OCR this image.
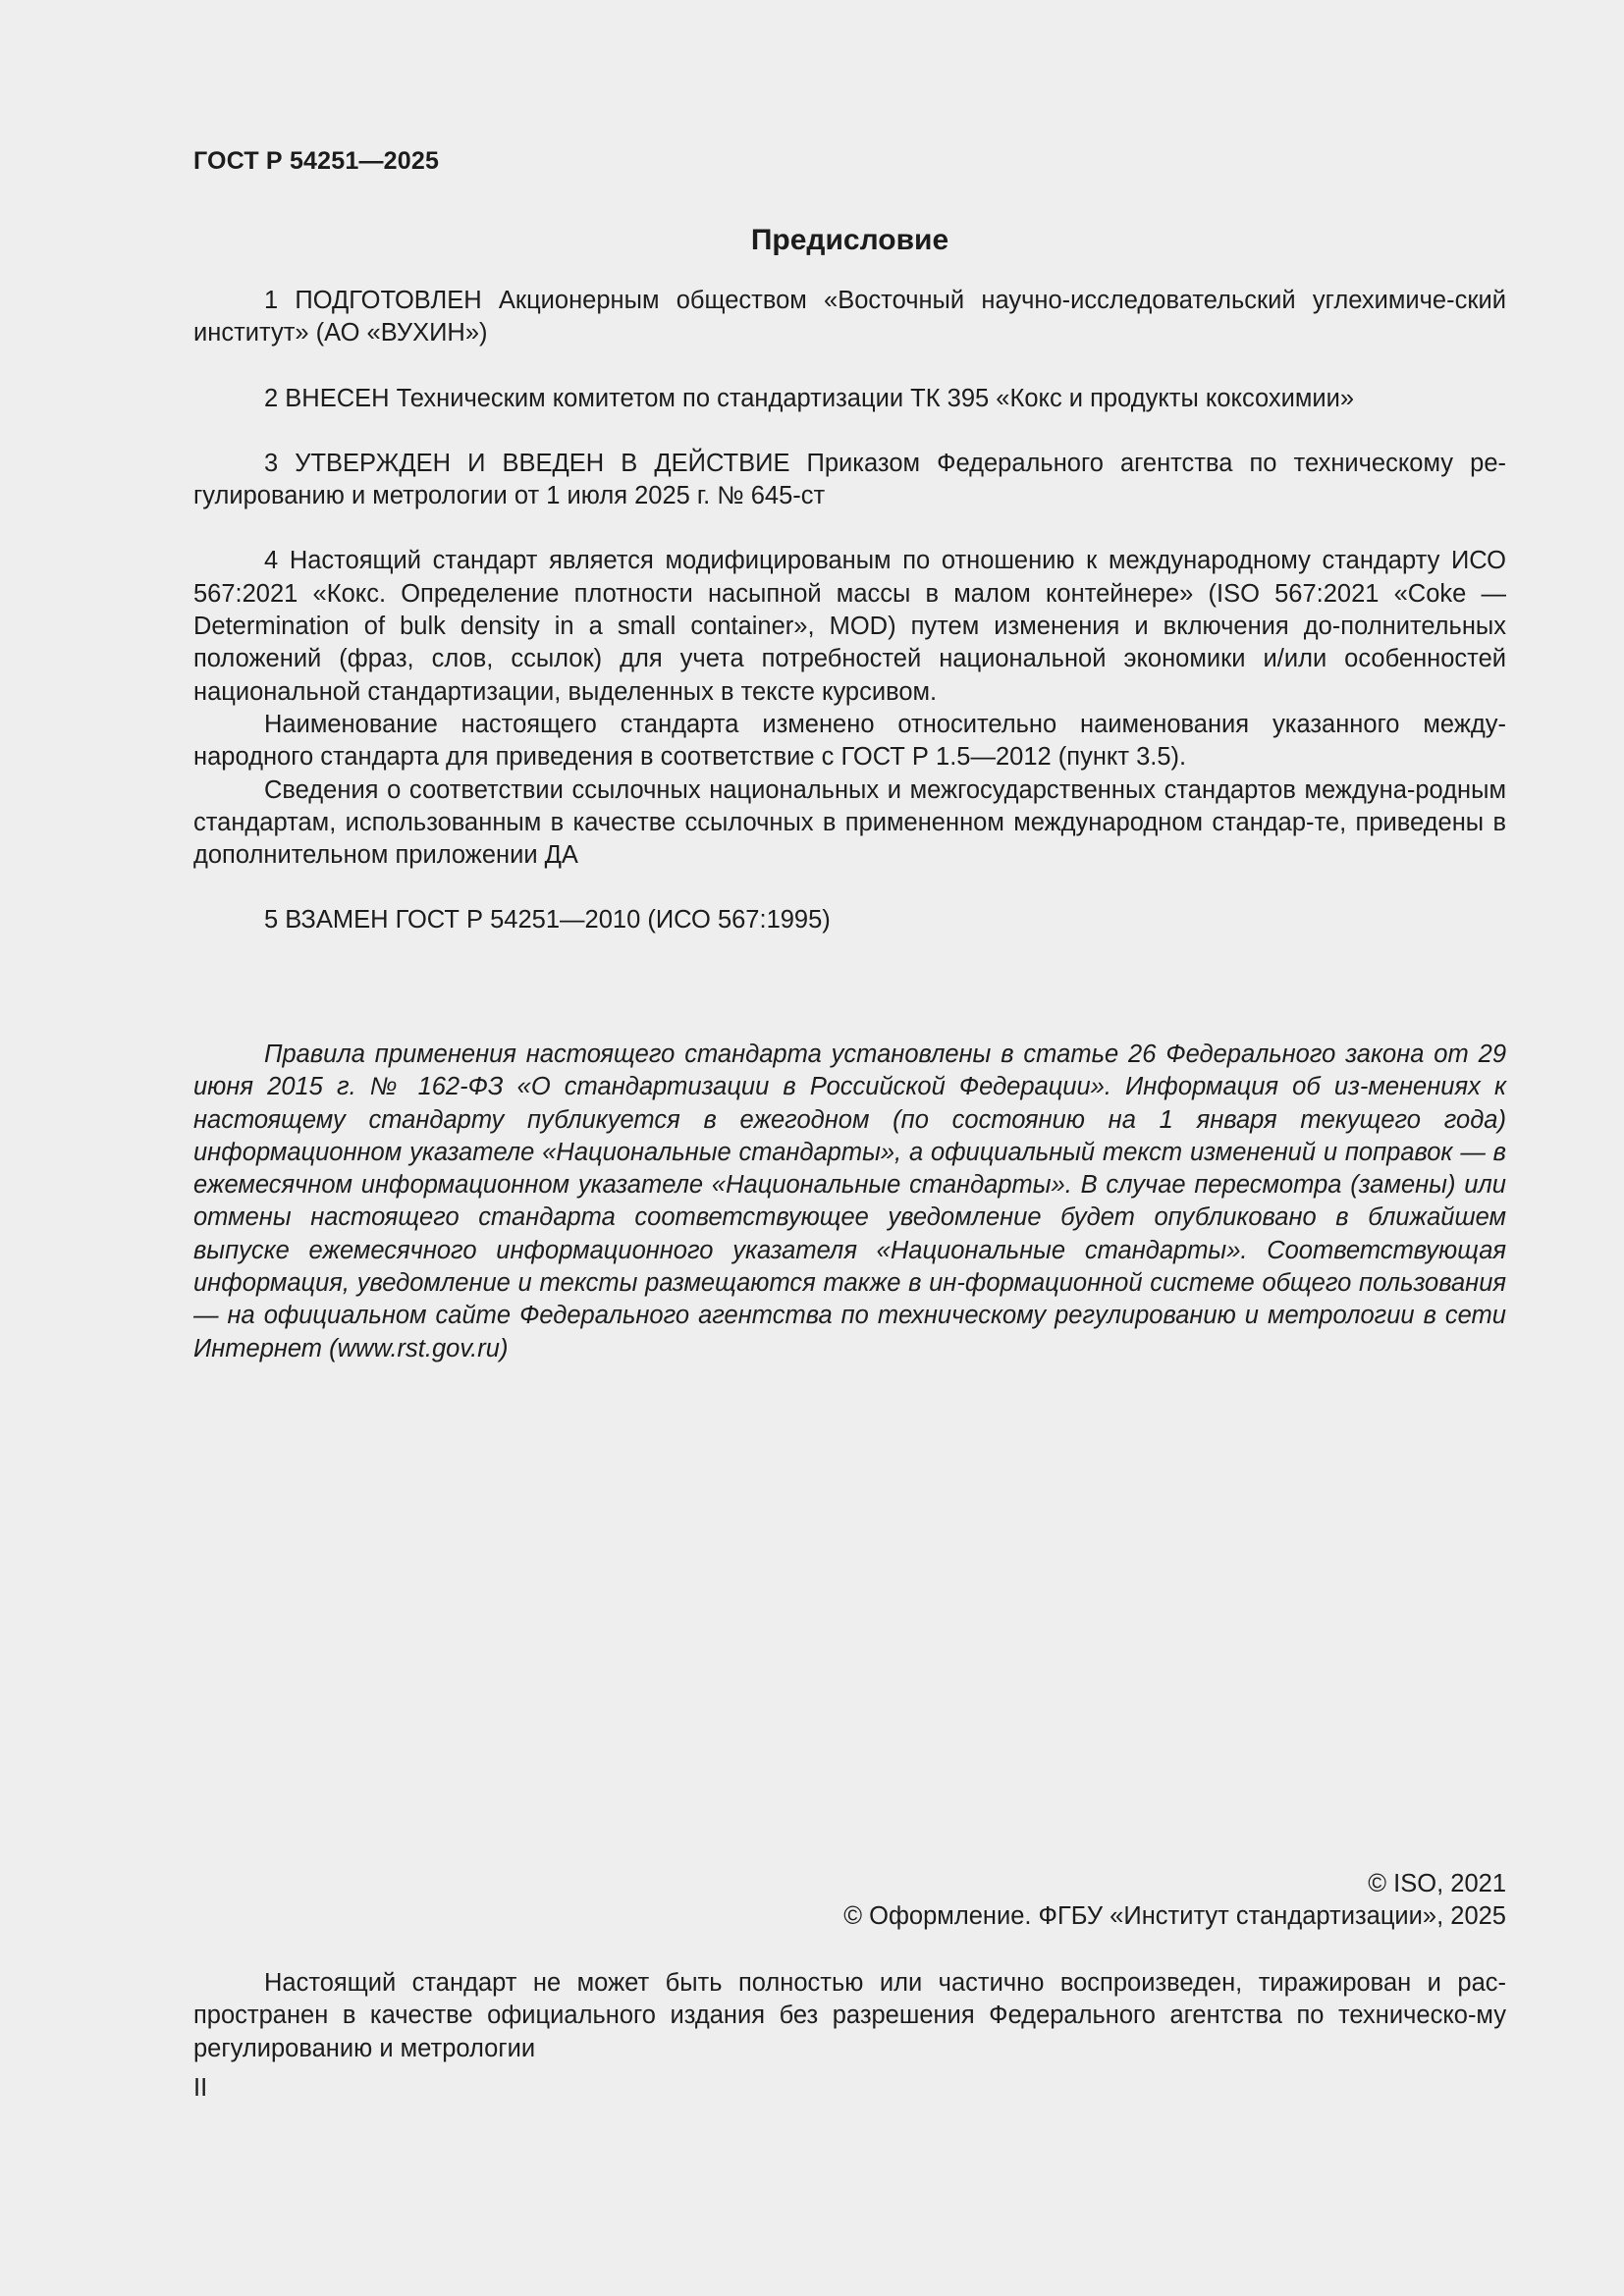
ГОСТ Р 54251—2025
Предисловие

1 ПОДГОТОВЛЕН Акционерным обществом «Восточный научно-исследовательский углехимиче-ский институт» (АО «ВУХИН»)

2 ВНЕСЕН Техническим комитетом по стандартизации ТК 395 «Кокс и продукты коксохимии»

3 УТВЕРЖДЕН И ВВЕДЕН В ДЕЙСТВИЕ Приказом Федерального агентства по техническому ре-гулированию и метрологии от 1 июля 2025 г. № 645-ст

4 Настоящий стандарт является модифицированым по отношению к международному стандарту ИСО 567:2021 «Кокс. Определение плотности насыпной массы в малом контейнере» (ISO 567:2021 «Coke — Determination of bulk density in a small container», MOD) путем изменения и включения до-полнительных положений (фраз, слов, ссылок) для учета потребностей национальной экономики и/или особенностей национальной стандартизации, выделенных в тексте курсивом.

Наименование настоящего стандарта изменено относительно наименования указанного между-народного стандарта для приведения в соответствие с ГОСТ Р 1.5—2012 (пункт 3.5).

Сведения о соответствии ссылочных национальных и межгосударственных стандартов междуна-родным стандартам, использованным в качестве ссылочных в примененном международном стандар-те, приведены в дополнительном приложении ДА

5 ВЗАМЕН ГОСТ Р 54251—2010 (ИСО 567:1995)

Правила применения настоящего стандарта установлены в статье 26 Федерального закона от 29 июня 2015 г. № 162-ФЗ «О стандартизации в Российской Федерации». Информация об из-менениях к настоящему стандарту публикуется в ежегодном (по состоянию на 1 января текущего года) информационном указателе «Национальные стандарты», а официальный текст изменений и поправок — в ежемесячном информационном указателе «Национальные стандарты». В случае пересмотра (замены) или отмены настоящего стандарта соответствующее уведомление будет опубликовано в ближайшем выпуске ежемесячного информационного указателя «Национальные стандарты». Соответствующая информация, уведомление и тексты размещаются также в ин-формационной системе общего пользования — на официальном сайте Федерального агентства по техническому регулированию и метрологии в сети Интернет (www.rst.gov.ru)

© ISO, 2021
© Оформление. ФГБУ «Институт стандартизации», 2025

Настоящий стандарт не может быть полностью или частично воспроизведен, тиражирован и рас-пространен в качестве официального издания без разрешения Федерального агентства по техническо-му регулированию и метрологии

II
